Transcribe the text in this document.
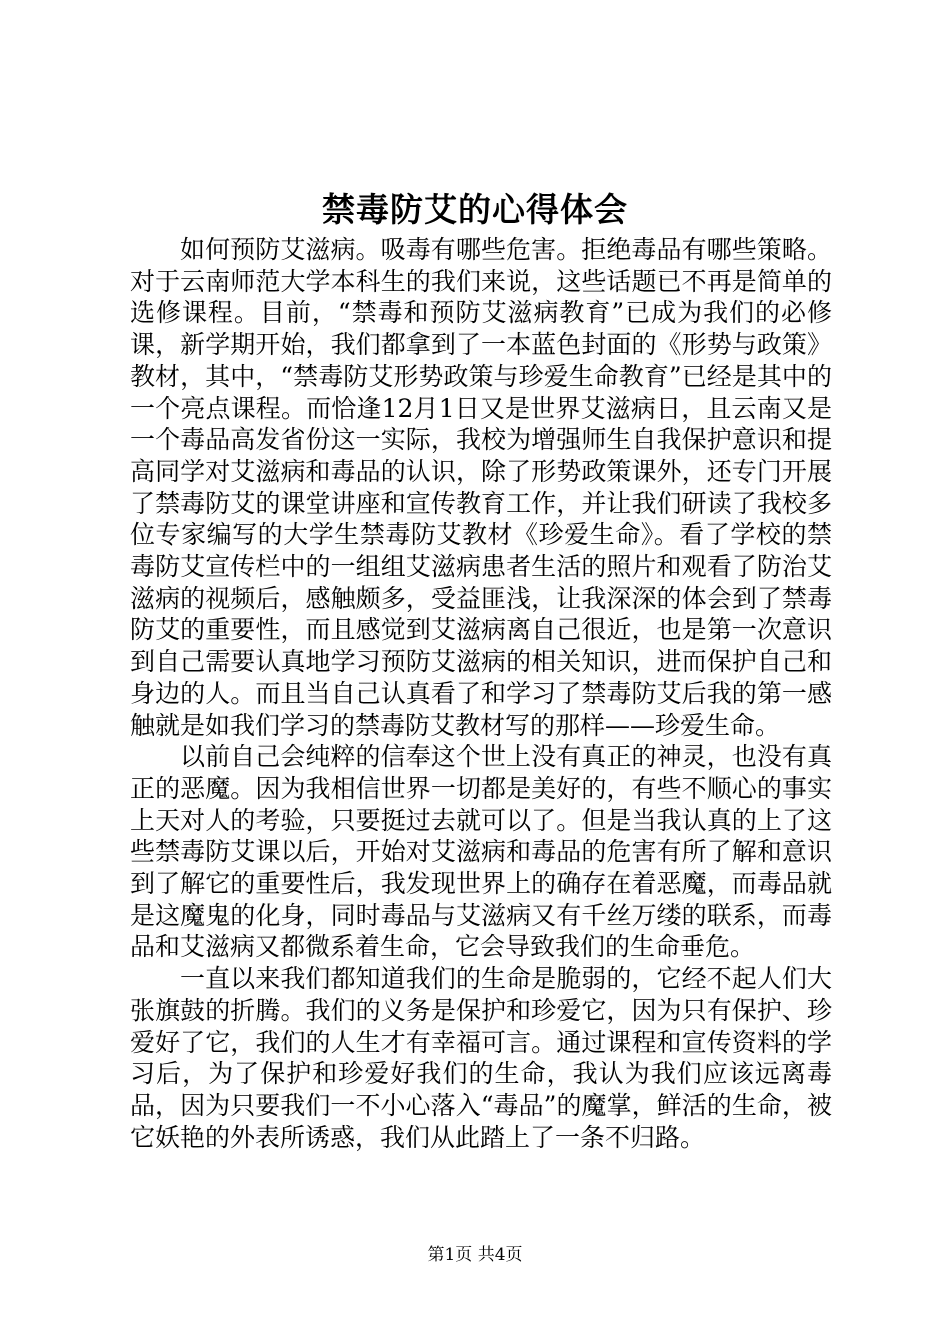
禁毒防艾的心得体会

如何预防艾滋病。吸毒有哪些危害。拒绝毒品有哪些策略。对于云南师范大学本科生的我们来说，这些话题已不再是简单的选修课程。目前，“禁毒和预防艾滋病教育”已成为我们的必修课，新学期开始，我们都拿到了一本蓝色封面的《形势与政策》教材，其中，“禁毒防艾形势政策与珍爱生命教育”已经是其中的一个亮点课程。而恰逢12月1日又是世界艾滋病日，且云南又是一个毒品高发省份这一实际，我校为增强师生自我保护意识和提高同学对艾滋病和毒品的认识，除了形势政策课外，还专门开展了禁毒防艾的课堂讲座和宣传教育工作，并让我们研读了我校多位专家编写的大学生禁毒防艾教材《珍爱生命》。看了学校的禁毒防艾宣传栏中的一组组艾滋病患者生活的照片和观看了防治艾滋病的视频后，感触颇多，受益匪浅，让我深深的体会到了禁毒防艾的重要性，而且感觉到艾滋病离自己很近，也是第一次意识到自己需要认真地学习预防艾滋病的相关知识，进而保护自己和身边的人。而且当自己认真看了和学习了禁毒防艾后我的第一感触就是如我们学习的禁毒防艾教材写的那样——珍爱生命。

以前自己会纯粹的信奉这个世上没有真正的神灵，也没有真正的恶魔。因为我相信世界一切都是美好的，有些不顺心的事实上天对人的考验，只要挺过去就可以了。但是当我认真的上了这些禁毒防艾课以后，开始对艾滋病和毒品的危害有所了解和意识到了解它的重要性后，我发现世界上的确存在着恶魔，而毒品就是这魔鬼的化身，同时毒品与艾滋病又有千丝万缕的联系，而毒品和艾滋病又都微系着生命，它会导致我们的生命垂危。

一直以来我们都知道我们的生命是脆弱的，它经不起人们大张旗鼓的折腾。我们的义务是保护和珍爱它，因为只有保护、珍爱好了它，我们的人生才有幸福可言。通过课程和宣传资料的学习后，为了保护和珍爱好我们的生命，我认为我们应该远离毒品，因为只要我们一不小心落入“毒品”的魔掌，鲜活的生命，被它妖艳的外表所诱惑，我们从此踏上了一条不归路。

第1页 共4页
